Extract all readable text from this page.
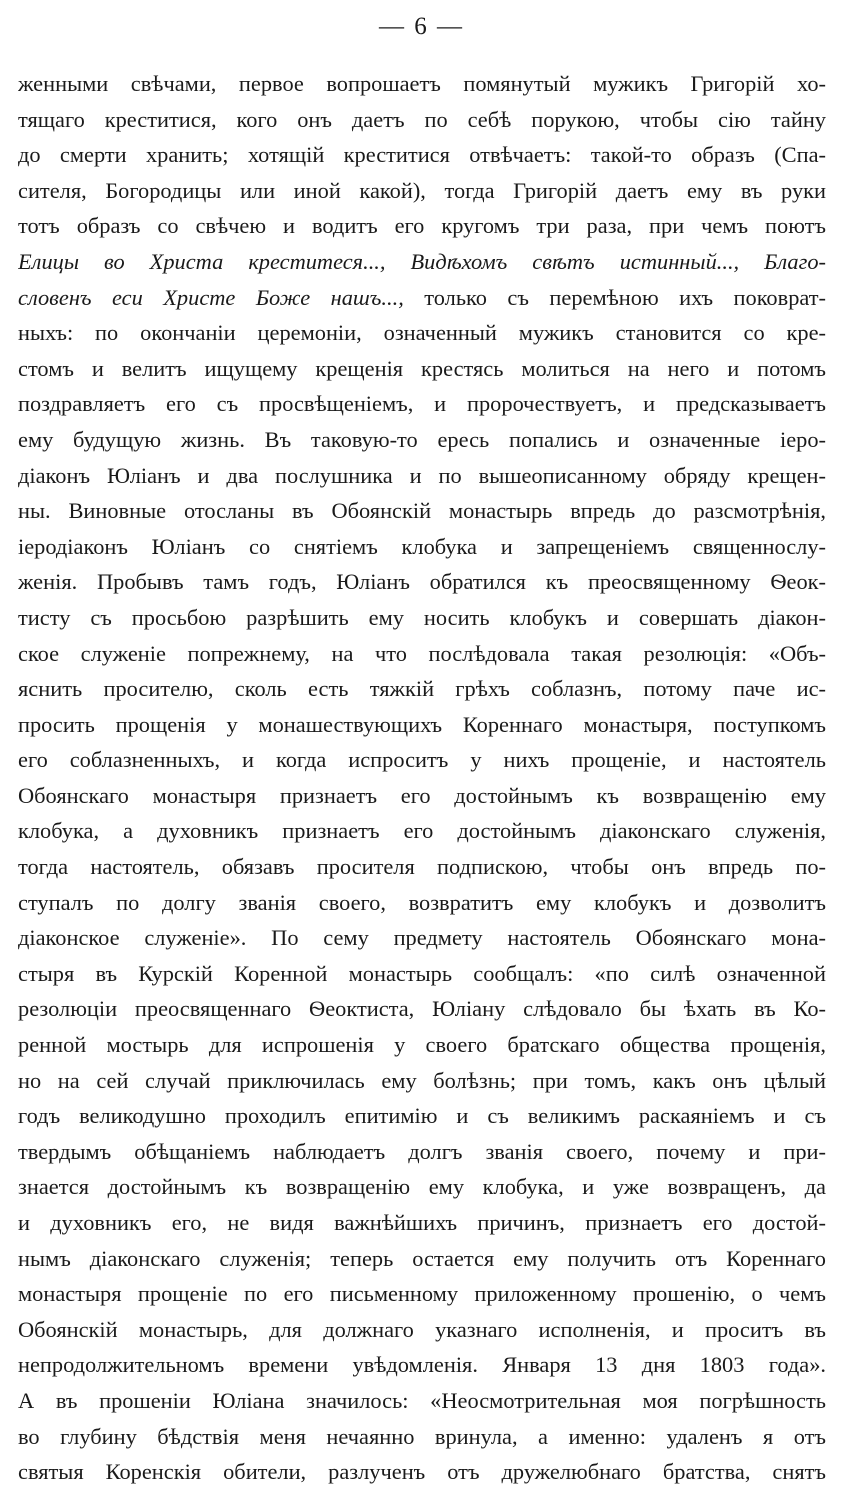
— 6 —
женными свѣчами, первое вопрошаетъ помянутый мужикъ Григорій хо-
тящаго креститися, кого онъ даетъ по себѣ порукою, чтобы сію тайну
до смерти хранить; хотящій креститися отвѣчаетъ: такой-то образъ (Спа-
сителя, Богородицы или иной какой), тогда Григорій даетъ ему въ руки
тотъ образъ со свѣчею и водитъ его кругомъ три раза, при чемъ поютъ
Елицы во Христа креститеся..., Видѣхомъ свѣтъ истинный..., Благо-
словенъ еси Христе Боже нашъ..., только съ перемѣною ихъ поковрат-
ныхъ: по окончаніи церемоніи, означенный мужикъ становится со кре-
стомъ и велитъ ищущему крещенія крестясь молиться на него и потомъ
поздравляетъ его съ просвѣщеніемъ, и пророчествуетъ, и предсказываетъ
ему будущую жизнь. Въ таковую-то ересь попались и означенные iеро-
діаконъ Юліанъ и два послушника и по вышеописанному обряду крещен-
ны. Виновные отосланы въ Обоянскій монастырь впредь до разсмотрѣнія,
iеродіаконъ Юліанъ со снятіемъ клобука и запрещеніемъ священнослу-
женія. Пробывъ тамъ годъ, Юліанъ обратился къ преосвященному Ѳеок-
тисту съ просьбою разрѣшить ему носить клобукъ и совершать діакон-
ское служеніе попрежнему, на что послѣдовала такая резолюція: «Объ-
яснить просителю, сколь есть тяжкій грѣхъ соблазнъ, потому паче ис-
просить прощенія у монашествующихъ Кореннаго монастыря, поступкомъ
его соблазненныхъ, и когда испроситъ у нихъ прощеніе, и настоятель
Обоянскаго монастыря признаетъ его достойнымъ къ возвращенію ему
клобука, а духовникъ признаетъ его достойнымъ діаконскаго служенія,
тогда настоятель, обязавъ просителя подпискою, чтобы онъ впредь по-
ступалъ по долгу званія своего, возвратитъ ему клобукъ и дозволитъ
діаконское служеніе». По сему предмету настоятель Обоянскаго мона-
стыря въ Курскій Коренной монастырь сообщалъ: «по силѣ означенной
резолюціи преосвященнаго Ѳеоктиста, Юліану слѣдовало бы ѣхать въ Ко-
ренной мостырь для испрошенія у своего братскаго общества прощенія,
но на сей случай приключилась ему болѣзнь; при томъ, какъ онъ цѣлый
годъ великодушно проходилъ епитимію и съ великимъ раскаяніемъ и съ
твердымъ обѣщаніемъ наблюдаетъ долгъ званія своего, почему и при-
знается достойнымъ къ возвращенію ему клобука, и уже возвращенъ, да
и духовникъ его, не видя важнѣйшихъ причинъ, признаетъ его достой-
нымъ діаконскаго служенія; теперь остается ему получить отъ Кореннаго
монастыря прощеніе по его письменному приложенному прошенію, о чемъ
Обоянскій монастырь, для должнаго указнаго исполненія, и проситъ въ
непродолжительномъ времени увѣдомленія. Января 13 дня 1803 года».
А въ прошеніи Юліана значилось: «Неосмотрительная моя погрѣшность
во глубину бѣдствія меня нечаянно вринула, а именно: удаленъ я отъ
святыя Коренскія обители, разлученъ отъ дружелюбнаго братства, снятъ
